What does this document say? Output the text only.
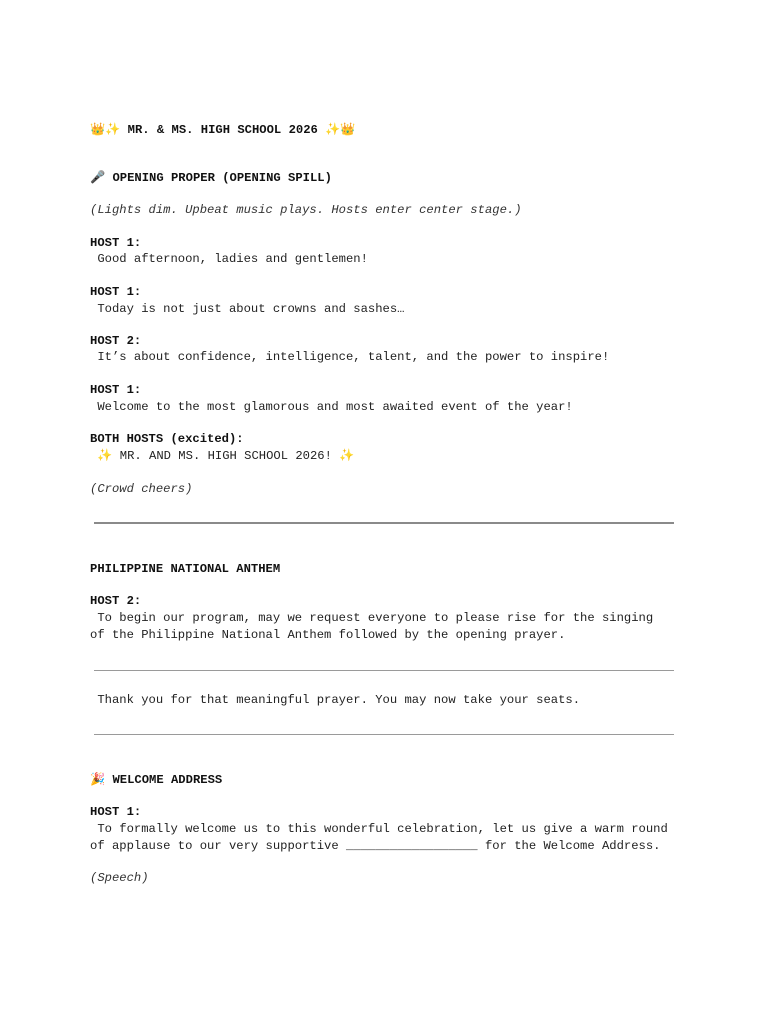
👑✨ MR. & MS. HIGH SCHOOL 2026 ✨👑
🎤 OPENING PROPER (OPENING SPILL)
(Lights dim. Upbeat music plays. Hosts enter center stage.)
HOST 1:
Good afternoon, ladies and gentlemen!
HOST 1:
Today is not just about crowns and sashes…
HOST 2:
It’s about confidence, intelligence, talent, and the power to inspire!
HOST 1:
Welcome to the most glamorous and most awaited event of the year!
BOTH HOSTS (excited):
✨ MR. AND MS. HIGH SCHOOL 2026! ✨
(Crowd cheers)
PHILIPPINE NATIONAL ANTHEM
HOST 2:
To begin our program, may we request everyone to please rise for the singing
of the Philippine National Anthem followed by the opening prayer.
Thank you for that meaningful prayer. You may now take your seats.
🎉 WELCOME ADDRESS
HOST 1:
To formally welcome us to this wonderful celebration, let us give a warm round
of applause to our very supportive __________________ for the Welcome Address.
(Speech)
